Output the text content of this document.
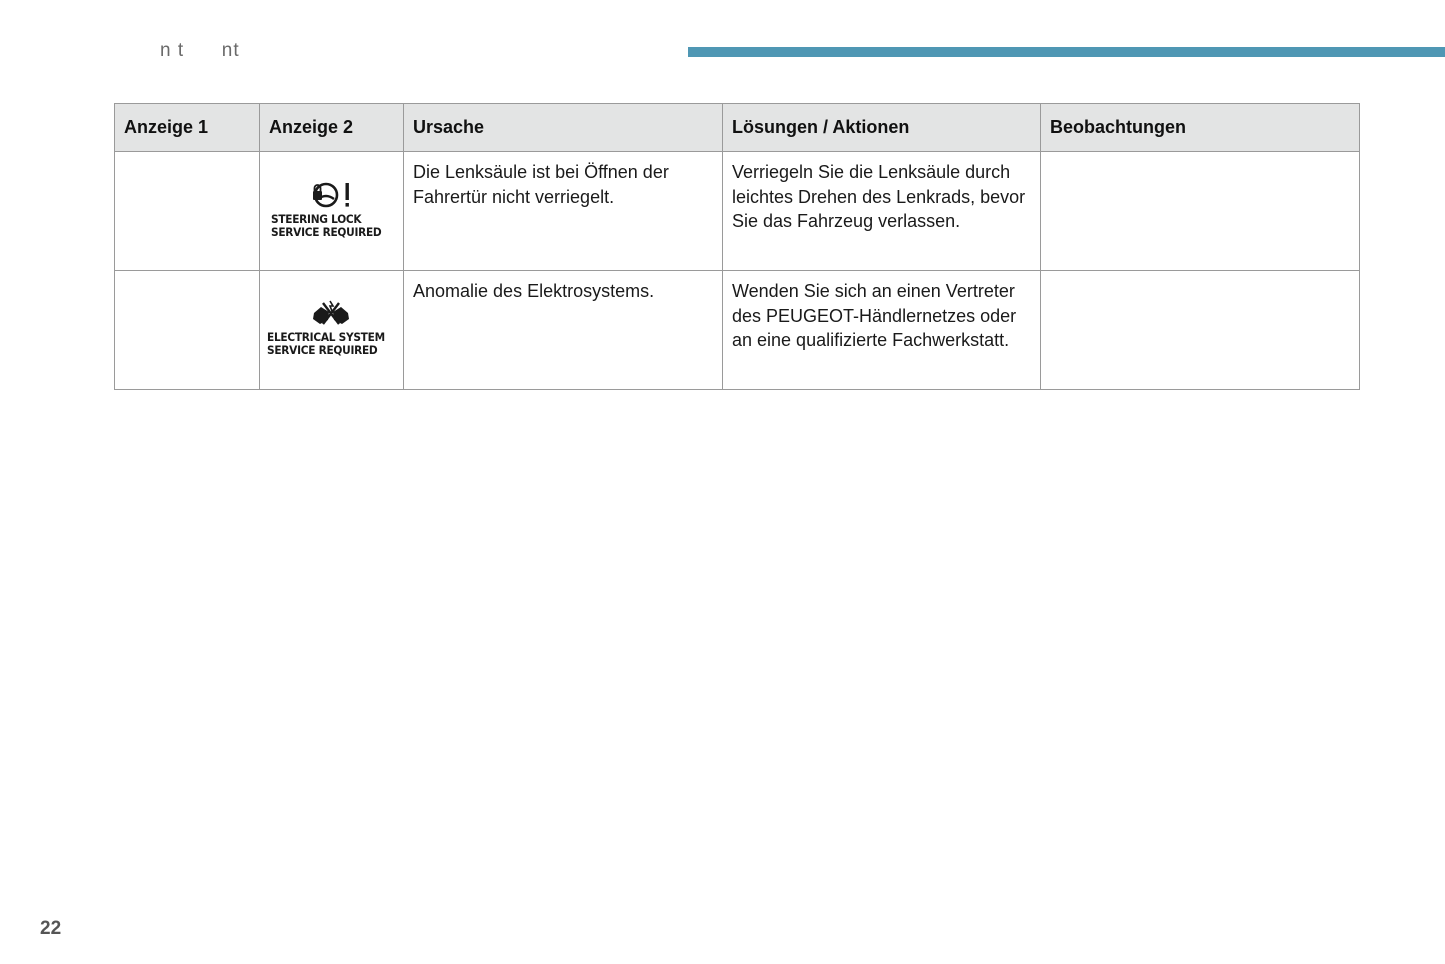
n t      nt
Anzeige 1	Anzeige 2	Ursache	Lösungen / Aktionen	Beobachtungen

	STEERING LOCK
SERVICE REQUIRED	Die Lenksäule ist bei Öffnen der Fahrertür nicht verriegelt.	Verriegeln Sie die Lenksäule durch leichtes Drehen des Lenkrads, bevor Sie das Fahrzeug verlassen.	

	ELECTRICAL SYSTEM
SERVICE REQUIRED	Anomalie des Elektrosystems.	Wenden Sie sich an einen Vertreter des PEUGEOT-Händlernetzes oder an eine qualifizierte Fachwerkstatt.	
22
